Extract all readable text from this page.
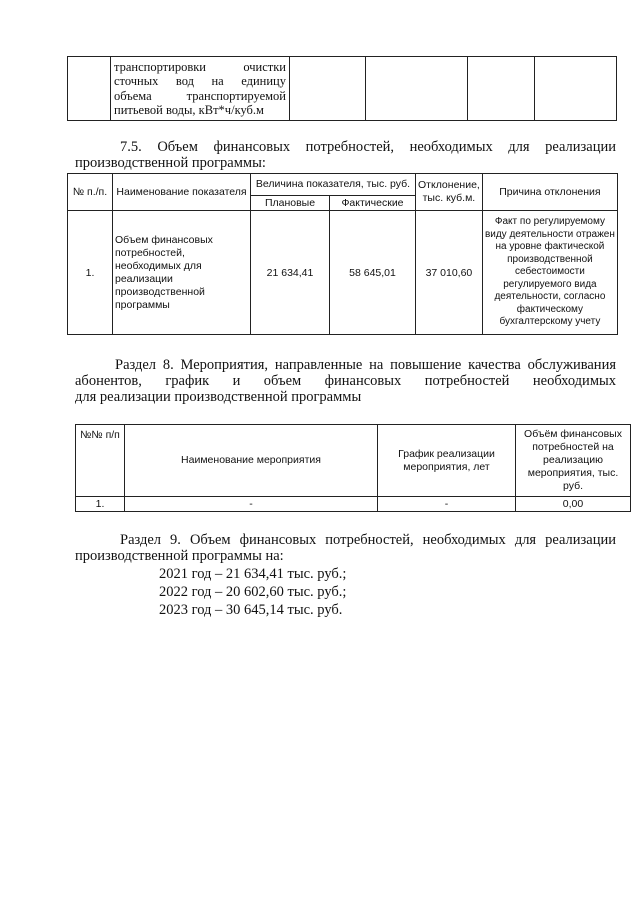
транспортировки очистки
сточных вод на единицу
объема транспортируемой
питьевой воды, кВт*ч/куб.м

7.5. Объем финансовых потребностей, необходимых для реализации
производственной программы:
№ п./п.	Наименование показателя	Величина показателя, тыс. руб.		Отклонение, тыс. куб.м.	Причина отклонения
		Плановые	Фактические		
1.	Объем финансовых потребностей, необходимых для реализации производственной программы	21 634,41	58 645,01	37 010,60	Факт по регулируемому виду деятельности отражен на уровне фактической производственной себестоимости регулируемого вида деятельности, согласно фактическому бухгалтерскому учету
Раздел 8. Мероприятия, направленные на повышение качества обслуживания
абонентов, график и объем финансовых потребностей необходимых
для реализации производственной программы
№№ п/п	Наименование мероприятия	График реализации мероприятия, лет	Объём финансовых потребностей на реализацию мероприятия, тыс. руб.
1.	-	-	0,00
Раздел 9. Объем финансовых потребностей, необходимых для реализации
производственной программы на:
2021 год – 21 634,41 тыс. руб.;
2022 год – 20 602,60 тыс. руб.;
2023 год – 30 645,14 тыс. руб.
